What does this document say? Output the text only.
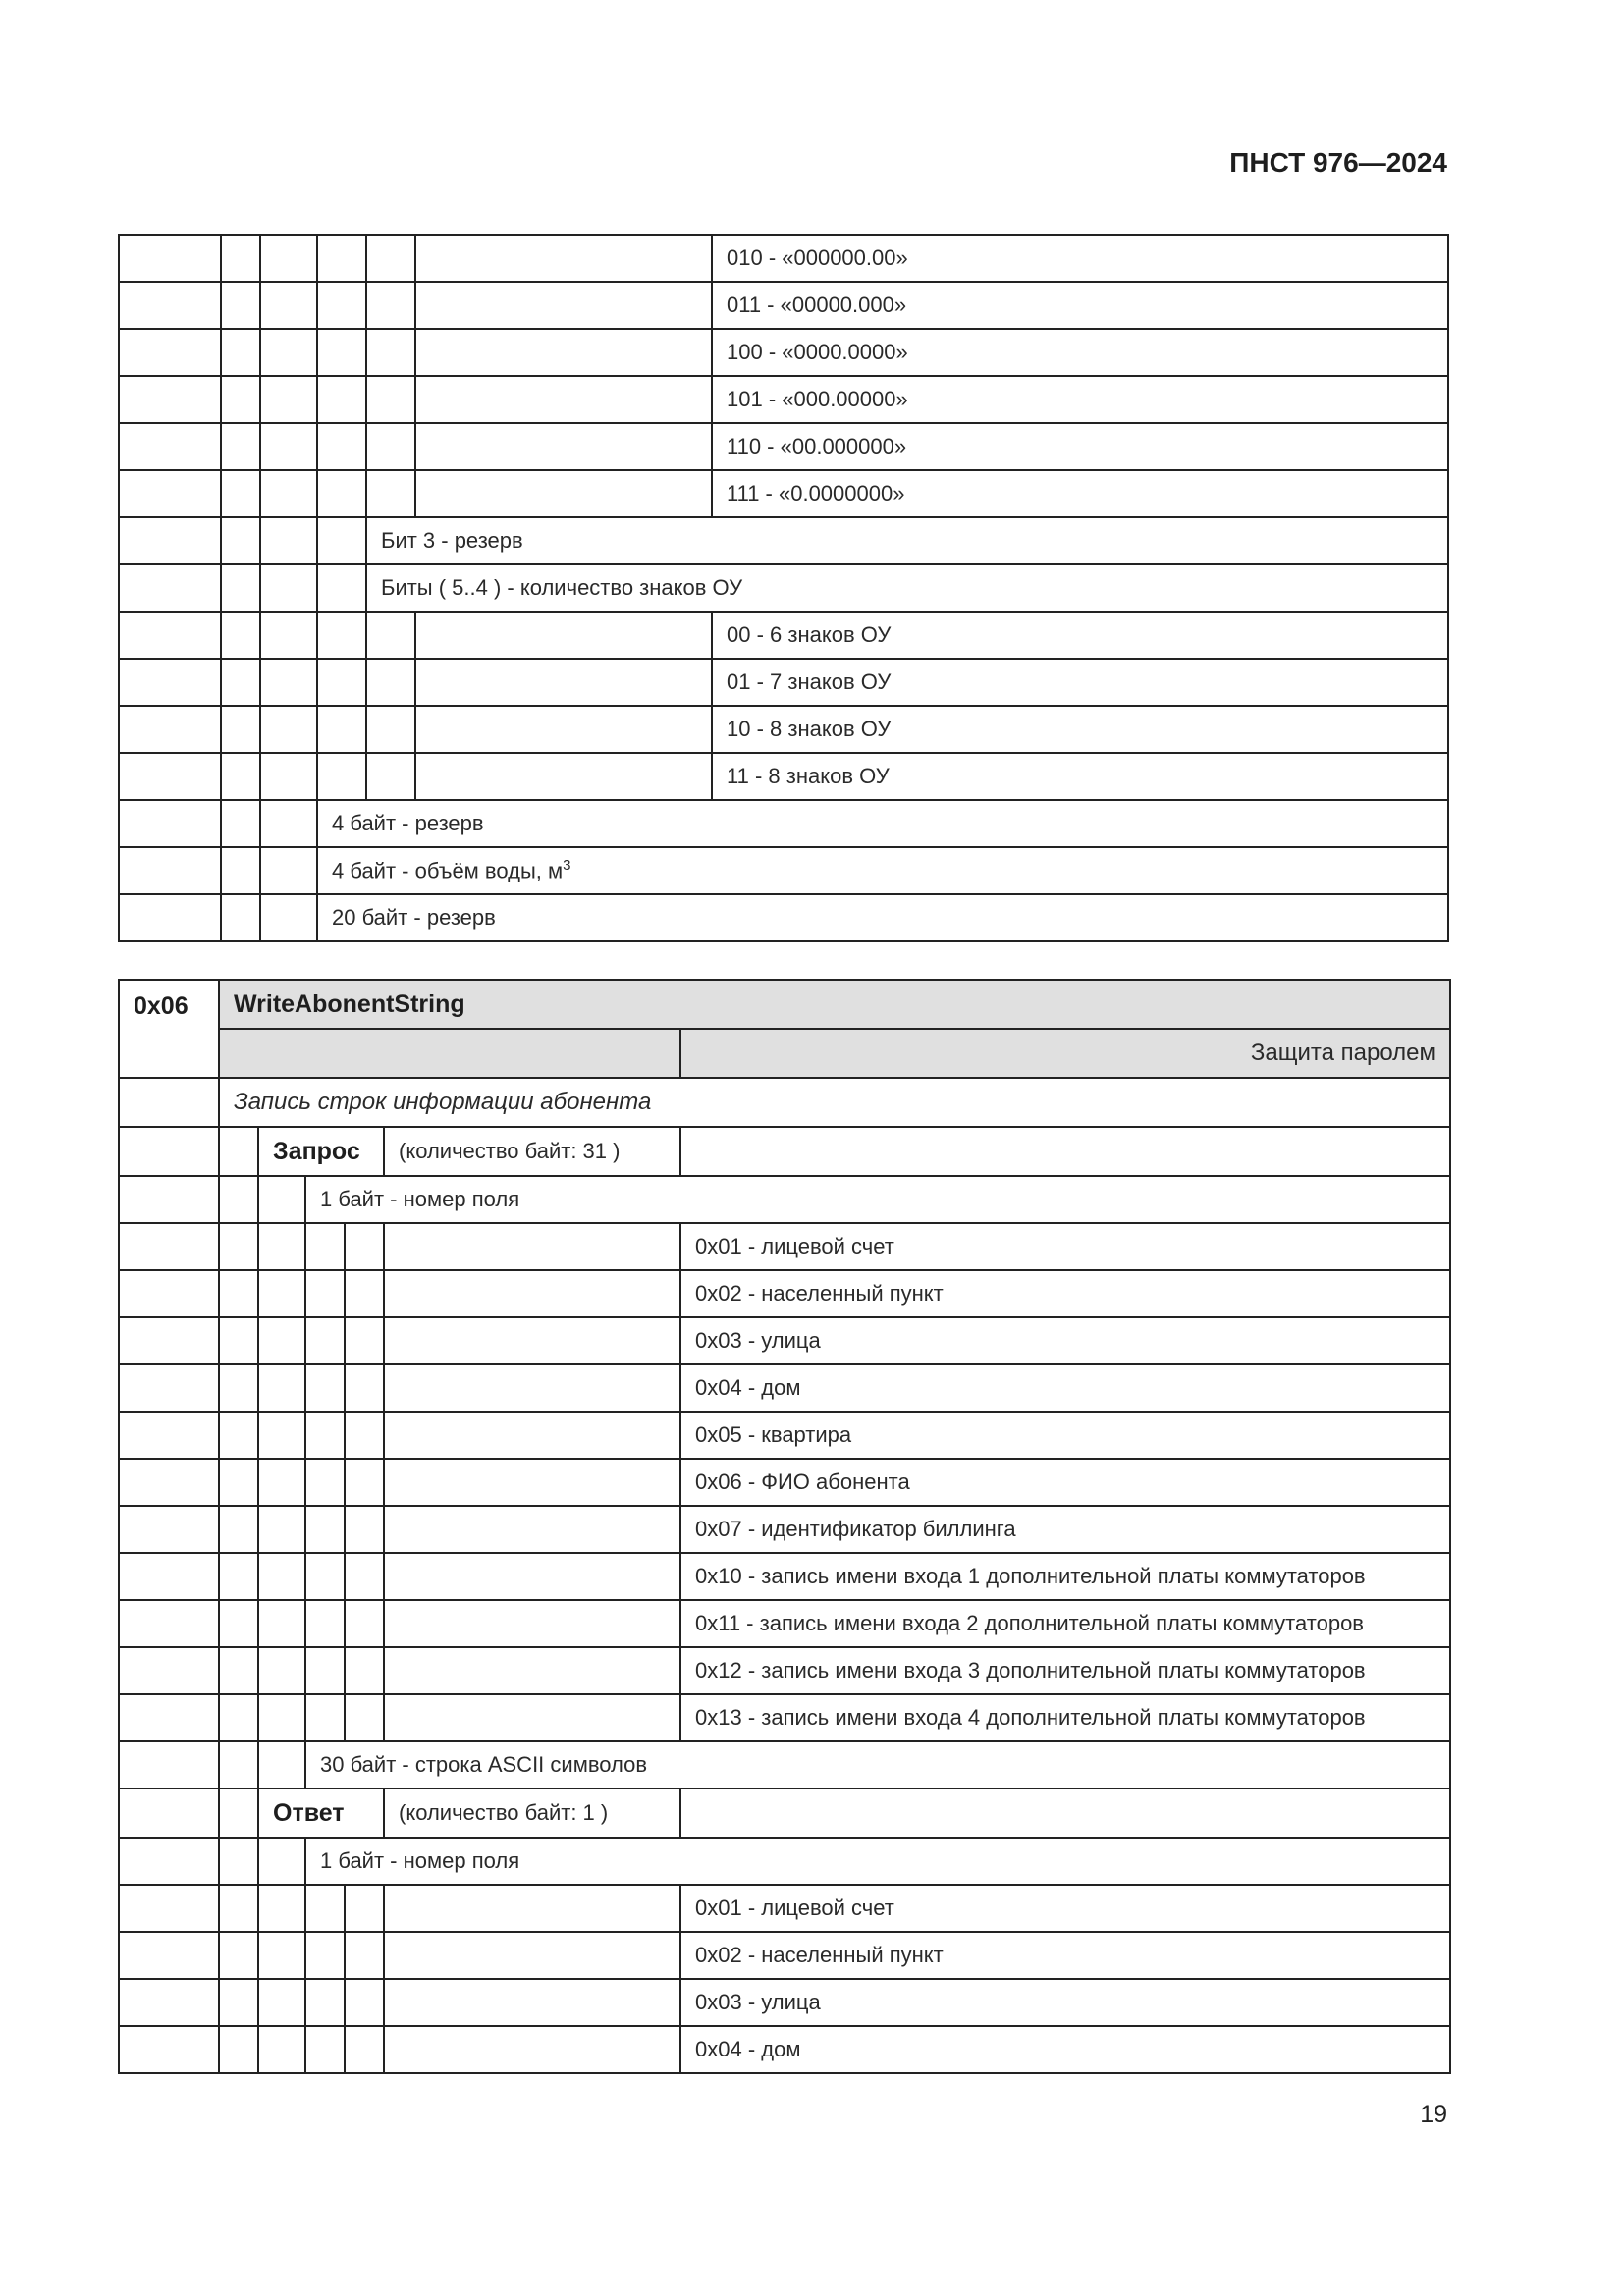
ПНСТ 976—2024
						010 - «000000.00»
						011 - «00000.000»
						100 - «0000.0000»
						101 - «000.00000»
						110 - «00.000000»
						111 - «0.0000000»
				Бит 3 - резерв		
				Биты ( 5..4 ) - количество знаков ОУ		
						00 - 6 знаков ОУ
						01 - 7 знаков ОУ
						10 - 8 знаков ОУ
						11 - 8 знаков ОУ
			4 байт - резерв			
			4 байт - объём воды, $м^3$
			20 байт - резерв			
0x06	WriteAbonentString					
						Защита паролем
	Запись строк информации абонента					
		Запрос			(количество байт: 31 )	
			1 байт - номер поля			
						0x01 - лицевой счет
						0x02 - населенный пункт
						0x03 - улица
						0x04 - дом
						0x05 - квартира
						0x06 - ФИО абонента
						0x07 - идентификатор биллинга
						0x10 - запись имени входа 1 дополнительной платы коммутаторов
						0x11 - запись имени входа 2 дополнительной платы коммутаторов
						0x12 - запись имени входа 3 дополнительной платы коммутаторов
						0x13 - запись имени входа 4 дополнительной платы коммутаторов
			30 байт - строка ASCII символов			
		Ответ			(количество байт: 1 )	
			1 байт - номер поля			
						0x01 - лицевой счет
						0x02 - населенный пункт
						0x03 - улица
						0x04 - дом
19
